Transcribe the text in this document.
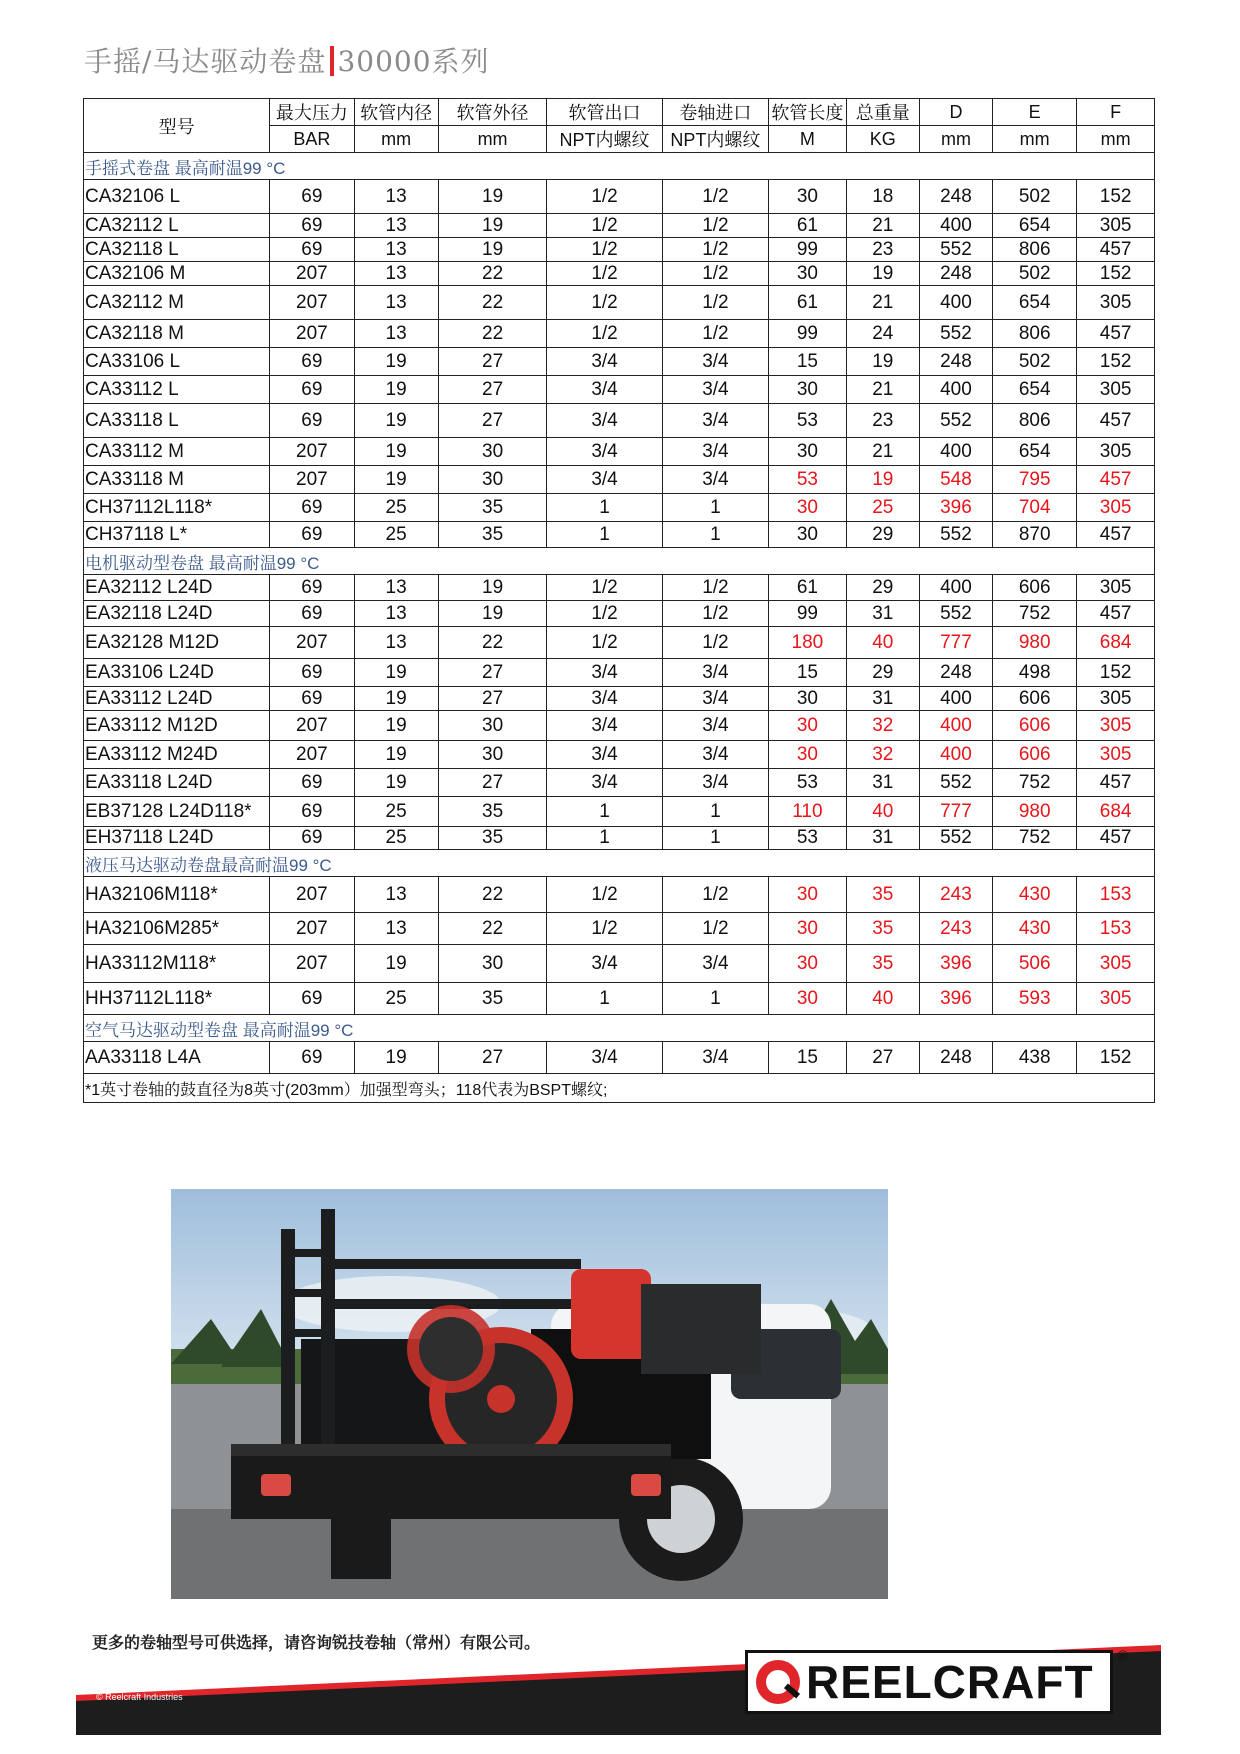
手摇/马达驱动卷盘 30000系列
型号	最大压力	软管内径	软管外径	软管出口	卷轴进口	软管长度	总重量	D	E	F
	BAR	mm	mm	NPT内螺纹	NPT内螺纹	M	KG	mm	mm	mm
手摇式卷盘 最高耐温99 °C										
CA32106 L	69	13	19	1/2	1/2	30	18	248	502	152
CA32112 L	69	13	19	1/2	1/2	61	21	400	654	305
CA32118 L	69	13	19	1/2	1/2	99	23	552	806	457
CA32106 M	207	13	22	1/2	1/2	30	19	248	502	152
CA32112 M	207	13	22	1/2	1/2	61	21	400	654	305
CA32118 M	207	13	22	1/2	1/2	99	24	552	806	457
CA33106 L	69	19	27	3/4	3/4	15	19	248	502	152
CA33112 L	69	19	27	3/4	3/4	30	21	400	654	305
CA33118 L	69	19	27	3/4	3/4	53	23	552	806	457
CA33112 M	207	19	30	3/4	3/4	30	21	400	654	305
CA33118 M	207	19	30	3/4	3/4	53	19	548	795	457
CH37112L118*	69	25	35	1	1	30	25	396	704	305
CH37118 L*	69	25	35	1	1	30	29	552	870	457
电机驱动型卷盘 最高耐温99 °C										
EA32112 L24D	69	13	19	1/2	1/2	61	29	400	606	305
EA32118 L24D	69	13	19	1/2	1/2	99	31	552	752	457
EA32128 M12D	207	13	22	1/2	1/2	180	40	777	980	684
EA33106 L24D	69	19	27	3/4	3/4	15	29	248	498	152
EA33112 L24D	69	19	27	3/4	3/4	30	31	400	606	305
EA33112 M12D	207	19	30	3/4	3/4	30	32	400	606	305
EA33112 M24D	207	19	30	3/4	3/4	30	32	400	606	305
EA33118 L24D	69	19	27	3/4	3/4	53	31	552	752	457
EB37128 L24D118*	69	25	35	1	1	110	40	777	980	684
EH37118 L24D	69	25	35	1	1	53	31	552	752	457
液压马达驱动卷盘最高耐温99 °C										
HA32106M118*	207	13	22	1/2	1/2	30	35	243	430	153
HA32106M285*	207	13	22	1/2	1/2	30	35	243	430	153
HA33112M118*	207	19	30	3/4	3/4	30	35	396	506	305
HH37112L118*	69	25	35	1	1	30	40	396	593	305
空气马达驱动型卷盘 最高耐温99 °C										
AA33118 L4A	69	19	27	3/4	3/4	15	27	248	438	152
*1英寸卷轴的鼓直径为8英寸(203mm）加强型弯头；118代表为BSPT螺纹;										
更多的卷轴型号可供选择，请咨询锐技卷轴（常州）有限公司。
© Reelcraft Industries	REELCRAFT
®
